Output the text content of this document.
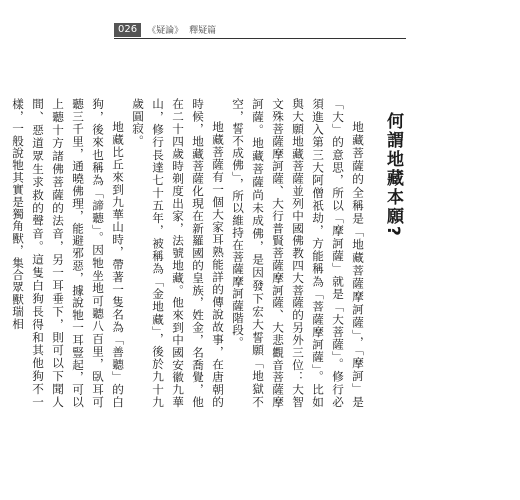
026	《疑論》 釋疑篇
何謂地藏本願?

地藏菩薩的全稱是「地藏菩薩摩訶薩」，「摩訶」是「大」的意思，所以「摩訶薩」就是「大菩薩」。修行必須進入第三大阿僧祇劫，方能稱為「菩薩摩訶薩」。比如與大願地藏菩薩並列中國佛教四大菩薩的另外三位：大智文殊菩薩摩訶薩、大行普賢菩薩摩訶薩、大悲觀音菩薩摩訶薩。地藏菩薩尚未成佛，是因發下宏大誓願「地獄不空，誓不成佛」，所以維持在菩薩摩訶薩階段。

地藏菩薩有一個大家耳熟能詳的傳說故事，在唐朝的時候，地藏菩薩化現在新羅國的皇族，姓金，名喬覺，他在二十四歲時剃度出家，法號地藏。他來到中國安徽九華山，修行長達七十五年，被稱為「金地藏」，後於九十九歲圓寂。

地藏比丘來到九華山時，帶著一隻名為「善聽」的白狗，後來也稱為「諦聽」。因牠坐地可聽八百里，臥耳可聽三千里，通曉佛理，能避邪惡，據說牠一耳豎起，可以上聽十方諸佛菩薩的法音，另一耳垂下，則可以下聞人間、惡道眾生求救的聲音。這隻白狗長得和其他狗不一樣，一般說牠其實是獨角獸，集合眾獸瑞相
